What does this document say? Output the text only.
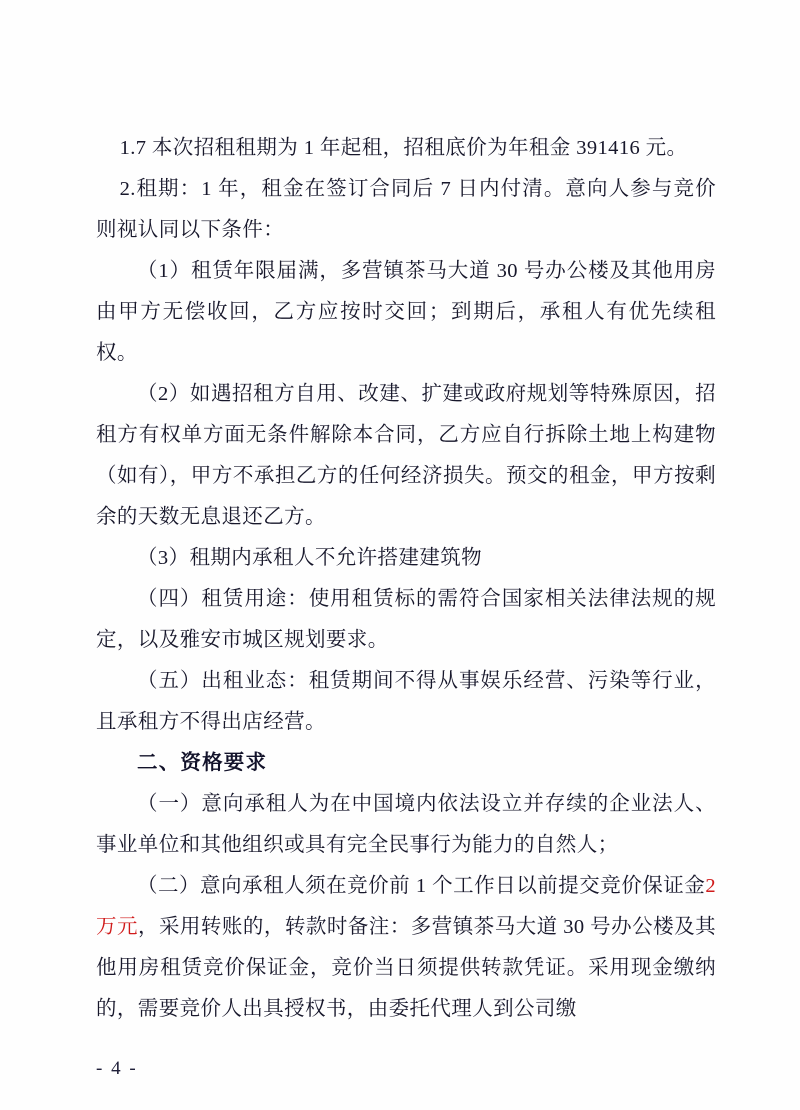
1.7 本次招租租期为 1 年起租，招租底价为年租金 391416 元。

2.租期：1 年，租金在签订合同后 7 日内付清。意向人参与竞价则视认同以下条件：

（1）租赁年限届满，多营镇茶马大道 30 号办公楼及其他用房由甲方无偿收回，乙方应按时交回；到期后，承租人有优先续租权。

（2）如遇招租方自用、改建、扩建或政府规划等特殊原因，招租方有权单方面无条件解除本合同，乙方应自行拆除土地上构建物（如有），甲方不承担乙方的任何经济损失。预交的租金，甲方按剩余的天数无息退还乙方。

（3）租期内承租人不允许搭建建筑物

（四）租赁用途：使用租赁标的需符合国家相关法律法规的规定，以及雅安市城区规划要求。

（五）出租业态：租赁期间不得从事娱乐经营、污染等行业，且承租方不得出店经营。

二、资格要求

（一）意向承租人为在中国境内依法设立并存续的企业法人、事业单位和其他组织或具有完全民事行为能力的自然人；

（二）意向承租人须在竞价前 1 个工作日以前提交竞价保证金2 万元，采用转账的，转款时备注：多营镇茶马大道 30 号办公楼及其他用房租赁竞价保证金，竞价当日须提供转款凭证。采用现金缴纳的，需要竞价人出具授权书，由委托代理人到公司缴

- 4 -
